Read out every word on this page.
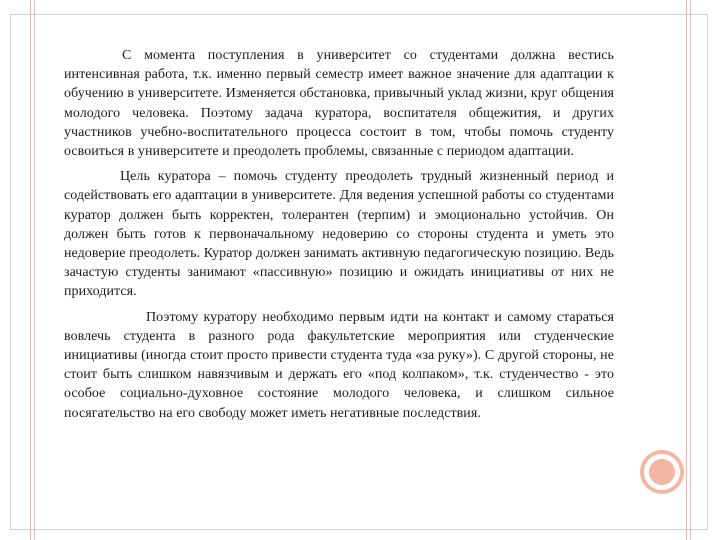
С момента поступления в университет со студентами должна вестись интенсивная работа, т.к. именно первый семестр имеет важное значение для адаптации к обучению в университете. Изменяется обстановка, привычный уклад жизни, круг общения молодого человека. Поэтому задача куратора, воспитателя общежития, и других участников учебно-воспитательного процесса состоит в том, чтобы помочь студенту освоиться в университете и преодолеть проблемы, связанные с периодом адаптации.

Цель куратора – помочь студенту преодолеть трудный жизненный период и содействовать его адаптации в университете. Для ведения успешной работы со студентами куратор должен быть корректен, толерантен (терпим) и эмоционально устойчив. Он должен быть готов к первоначальному недоверию со стороны студента и уметь это недоверие преодолеть. Куратор должен занимать активную педагогическую позицию. Ведь зачастую студенты занимают «пассивную» позицию и ожидать инициативы от них не приходится.

Поэтому куратору необходимо первым идти на контакт и самому стараться вовлечь студента в разного рода факультетские мероприятия или студенческие инициативы (иногда стоит просто привести студента туда «за руку»). С другой стороны, не стоит быть слишком навязчивым и держать его «под колпаком», т.к. студенчество - это особое социально-духовное состояние молодого человека, и слишком сильное посягательство на его свободу может иметь негативные последствия.
